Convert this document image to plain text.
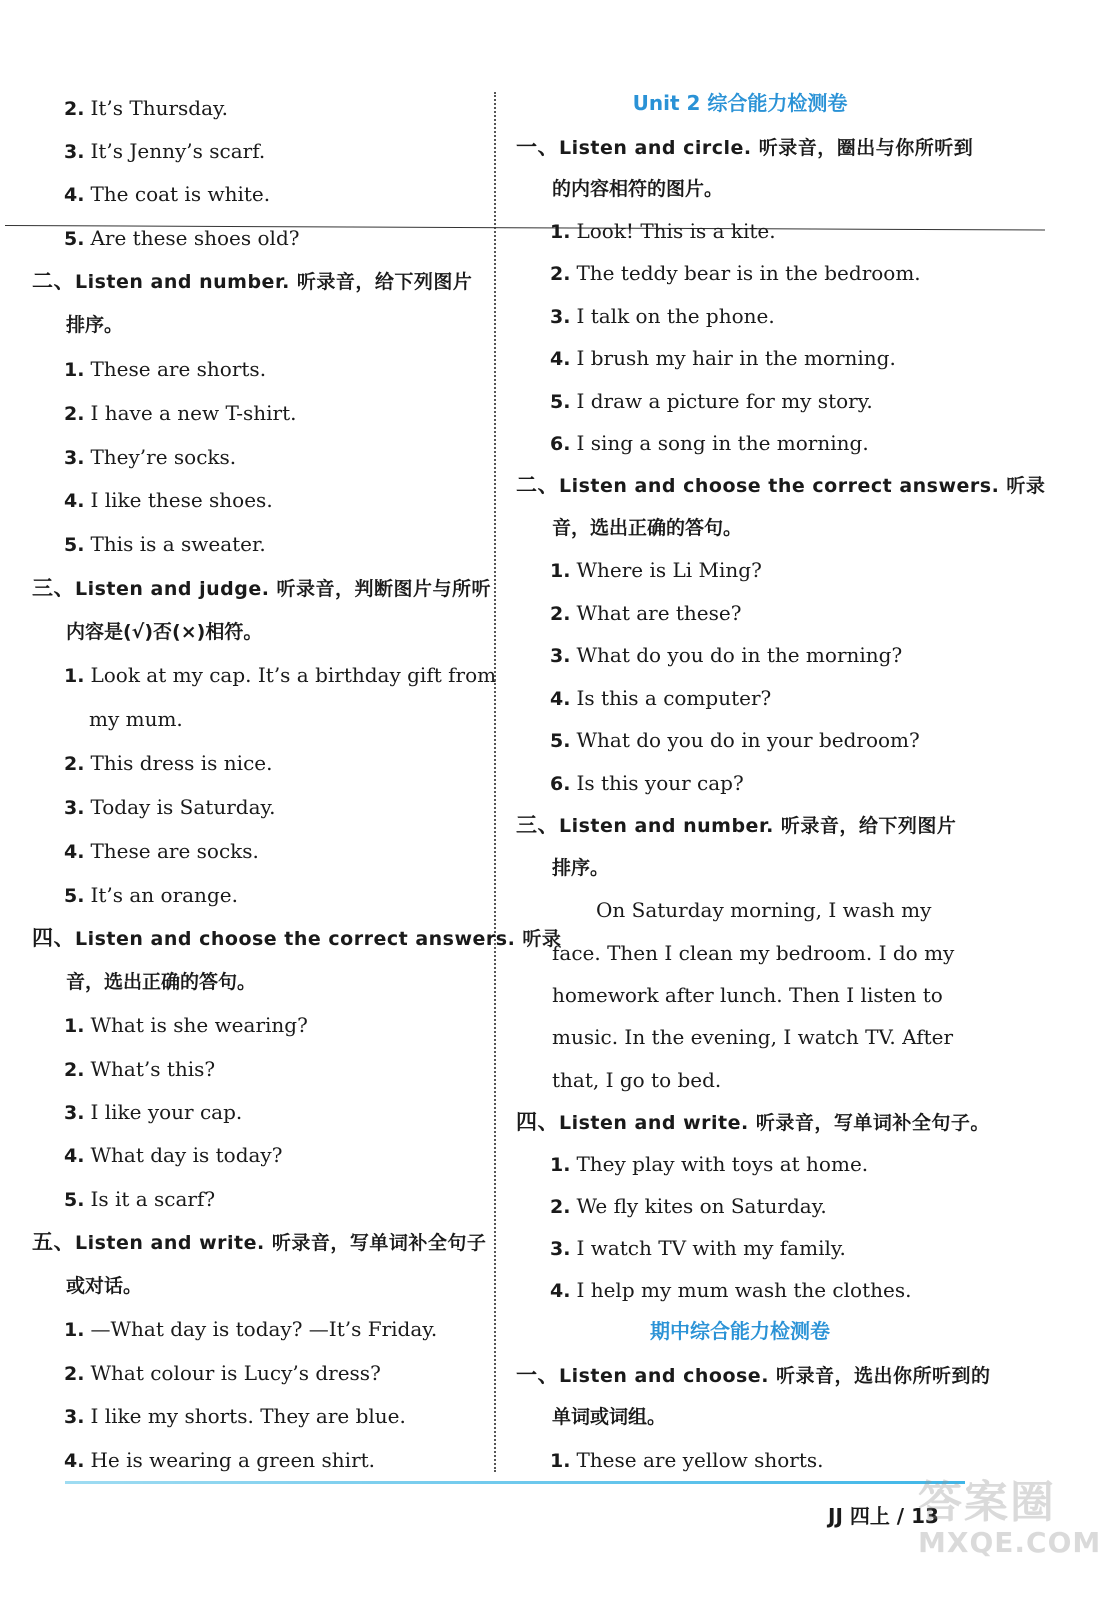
2. It’s Thursday.
3. It’s Jenny’s scarf.
4. The coat is white.
5. Are these shoes old?
二、Listen and number. 听录音，给下列图片
排序。
1. These are shorts.
2. I have a new T-shirt.
3. They’re socks.
4. I like these shoes.
5. This is a sweater.
三、Listen and judge. 听录音，判断图片与所听
内容是(√)否(×)相符。
1. Look at my cap. It’s a birthday gift from
my mum.
2. This dress is nice.
3. Today is Saturday.
4. These are socks.
5. It’s an orange.
四、Listen and choose the correct answers. 听录
音，选出正确的答句。
1. What is she wearing?
2. What’s this?
3. I like your cap.
4. What day is today?
5. Is it a scarf?
五、Listen and write. 听录音，写单词补全句子
或对话。
1. —What day is today? —It’s Friday.
2. What colour is Lucy’s dress?
3. I like my shorts. They are blue.
4. He is wearing a green shirt.
Unit 2 综合能力检测卷
一、Listen and circle. 听录音，圈出与你所听到
的内容相符的图片。
1. Look! This is a kite.
2. The teddy bear is in the bedroom.
3. I talk on the phone.
4. I brush my hair in the morning.
5. I draw a picture for my story.
6. I sing a song in the morning.
二、Listen and choose the correct answers. 听录
音，选出正确的答句。
1. Where is Li Ming?
2. What are these?
3. What do you do in the morning?
4. Is this a computer?
5. What do you do in your bedroom?
6. Is this your cap?
三、Listen and number. 听录音，给下列图片
排序。
On Saturday morning, I wash my
face. Then I clean my bedroom. I do my
homework after lunch. Then I listen to
music. In the evening, I watch TV. After
that, I go to bed.
四、Listen and write. 听录音，写单词补全句子。
1. They play with toys at home.
2. We fly kites on Saturday.
3. I watch TV with my family.
4. I help my mum wash the clothes.
期中综合能力检测卷
一、Listen and choose. 听录音，选出你所听到的
单词或词组。
1. These are yellow shorts.
JJ 四上 / 13
答案圈
MXQE.COM
